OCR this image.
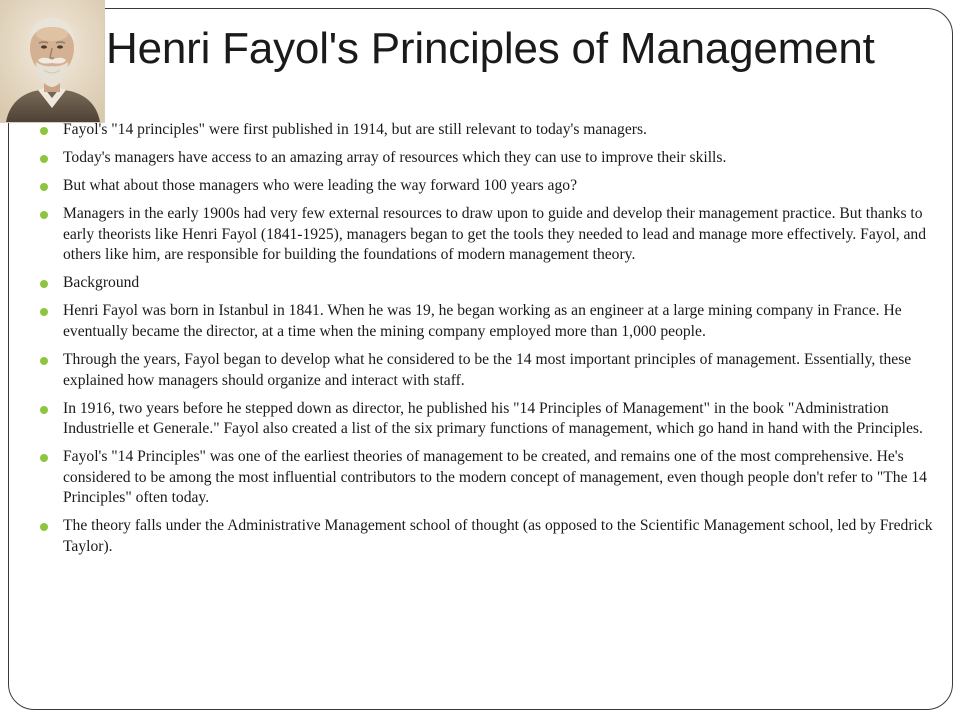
Henri Fayol's Principles of Management
Fayol's "14 principles" were first published in 1914, but are still relevant to today's managers.
Today's managers have access to an amazing array of resources which they can use to improve their skills.
But what about those managers who were leading the way forward 100 years ago?
Managers in the early 1900s had very few external resources to draw upon to guide and develop their management practice. But thanks to early theorists like Henri Fayol (1841-1925), managers began to get the tools they needed to lead and manage more effectively. Fayol, and others like him, are responsible for building the foundations of modern management theory.
Background
Henri Fayol was born in Istanbul in 1841. When he was 19, he began working as an engineer at a large mining company in France. He eventually became the director, at a time when the mining company employed more than 1,000 people.
Through the years, Fayol began to develop what he considered to be the 14 most important principles of management. Essentially, these explained how managers should organize and interact with staff.
In 1916, two years before he stepped down as director, he published his "14 Principles of Management" in the book "Administration Industrielle et Generale." Fayol also created a list of the six primary functions of management, which go hand in hand with the Principles.
Fayol's "14 Principles" was one of the earliest theories of management to be created, and remains one of the most comprehensive. He's considered to be among the most influential contributors to the modern concept of management, even though people don't refer to "The 14 Principles" often today.
The theory falls under the Administrative Management school of thought (as opposed to the Scientific Management school, led by Fredrick Taylor).
